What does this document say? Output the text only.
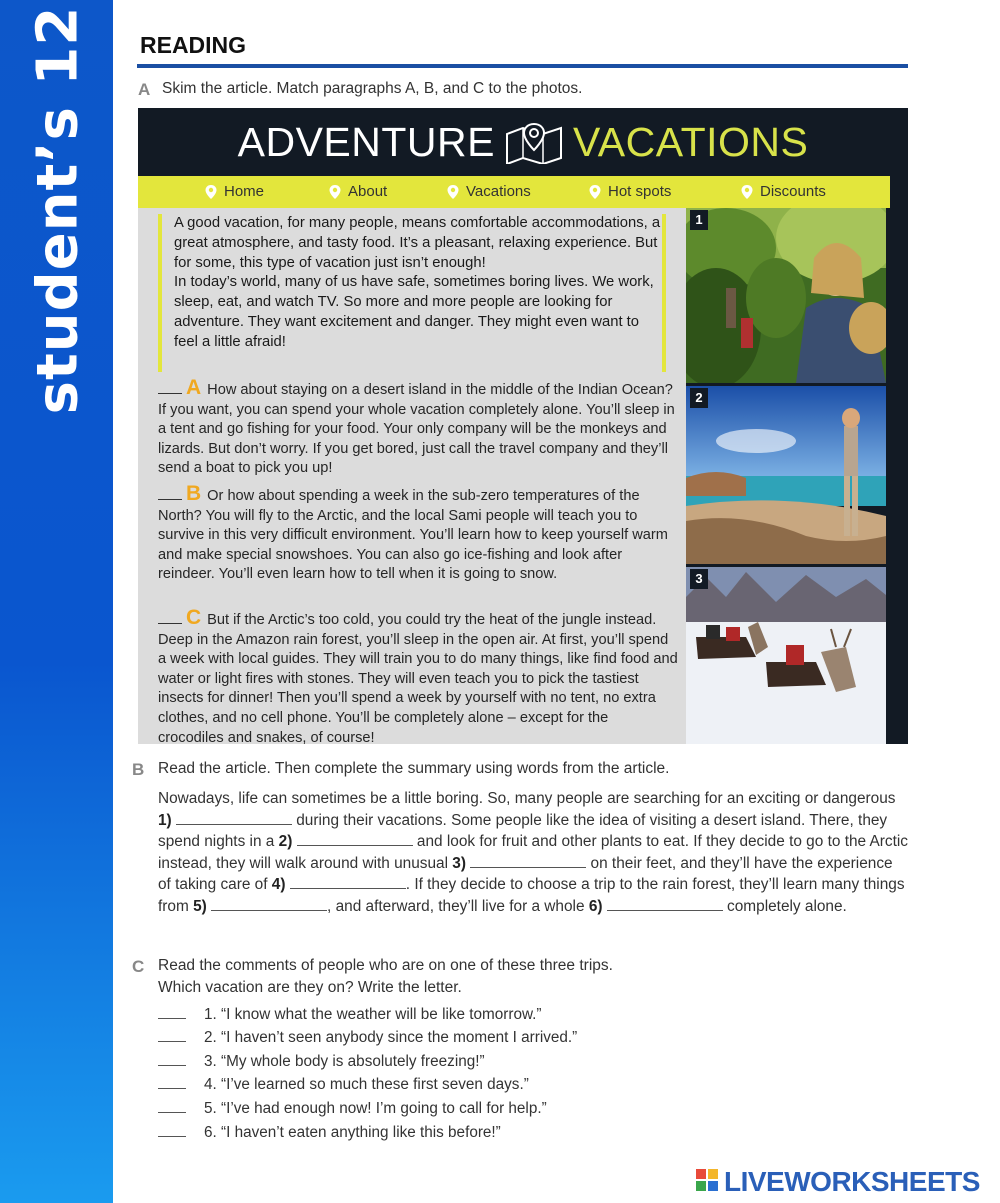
student’s 12 READING
A Skim the article. Match paragraphs A, B, and C to the photos.
ADVENTURE VACATIONS
Home	About	Vacations	Hot spots	Discounts

A good vacation, for many people, means comfortable accommodations, a great atmosphere, and tasty food. It’s a pleasant, relaxing experience. But for some, this type of vacation just isn’t enough!

In today’s world, many of us have safe, sometimes boring lives. We work, sleep, eat, and watch TV. So more and more people are looking for adventure. They want excitement and danger. They might even want to feel a little afraid!

A How about staying on a desert island in the middle of the Indian Ocean? If you want, you can spend your whole vacation completely alone. You’ll sleep in a tent and go fishing for your food. Your only company will be the monkeys and lizards. But don’t worry. If you get bored, just call the travel company and they’ll send a boat to pick you up!
B Or how about spending a week in the sub-zero temperatures of the North? You will fly to the Arctic, and the local Sami people will teach you to survive in this very difficult environment. You’ll learn how to keep yourself warm and make special snowshoes. You can also go ice-fishing and look after reindeer. You’ll even learn how to tell when it is going to snow.
C But if the Arctic’s too cold, you could try the heat of the jungle instead. Deep in the Amazon rain forest, you’ll sleep in the open air. At first, you’ll spend a week with local guides. They will train you to do many things, like find food and water or light fires with stones. They will even teach you to pick the tastiest insects for dinner! Then you’ll spend a week by yourself with no tent, no extra clothes, and no cell phone. You’ll be completely alone – except for the crocodiles and snakes, of course!
1
2
3
B Read the article. Then complete the summary using words from the article.
Nowadays, life can sometimes be a little boring. So, many people are searching for an exciting or dangerous 1)	during their vacations. Some people like the idea of visiting a desert island. There, they spend nights in a 2)	and look for fruit and other plants to eat. If they decide to go to the Arctic instead, they will walk around with unusual 3)	on their feet, and they’ll have the experience of taking care of 4)	. If they decide to choose a trip to the rain forest, they’ll learn many things from 5)	, and afterward, they’ll live for a whole 6)	completely alone.
C Read the comments of people who are on one of these three trips.
Which vacation are they on? Write the letter.
1. “I know what the weather will be like tomorrow.”
2. “I haven’t seen anybody since the moment I arrived.”
3. “My whole body is absolutely freezing!”
4. “I’ve learned so much these first seven days.”
5. “I’ve had enough now! I’m going to call for help.”
6. “I haven’t eaten anything like this before!”
LIVEWORKSHEETS
